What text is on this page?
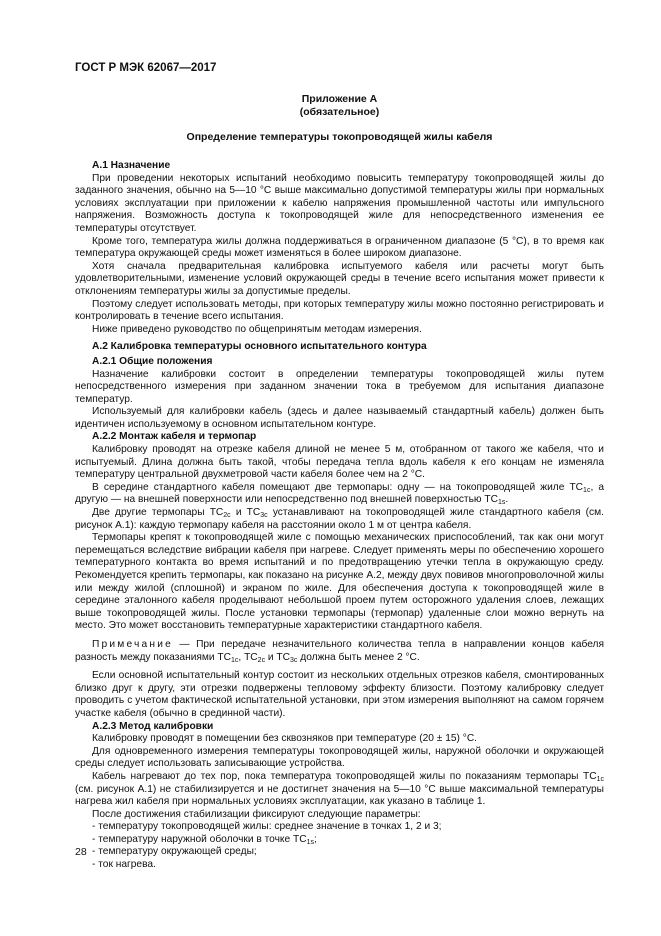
ГОСТ Р МЭК 62067—2017
Приложение А
(обязательное)
Определение температуры токопроводящей жилы кабеля

А.1 Назначение

При проведении некоторых испытаний необходимо повысить температуру токопроводящей жилы до заданного значения, обычно на 5—10 °С выше максимально допустимой температуры жилы при нормальных условиях эксплуатации при приложении к кабелю напряжения промышленной частоты или импульсного напряжения. Возможность доступа к токопроводящей жиле для непосредственного изменения ее температуры отсутствует.

Кроме того, температура жилы должна поддерживаться в ограниченном диапазоне (5 °С), в то время как температура окружающей среды может изменяться в более широком диапазоне.

Хотя сначала предварительная калибровка испытуемого кабеля или расчеты могут быть удовлетворительными, изменение условий окружающей среды в течение всего испытания может привести к отклонениям температуры жилы за допустимые пределы.

Поэтому следует использовать методы, при которых температуру жилы можно постоянно регистрировать и контролировать в течение всего испытания.

Ниже приведено руководство по общепринятым методам измерения.

А.2 Калибровка температуры основного испытательного контура

А.2.1 Общие положения

Назначение калибровки состоит в определении температуры токопроводящей жилы путем непосредственного измерения при заданном значении тока в требуемом для испытания диапазоне температур.

Используемый для калибровки кабель (здесь и далее называемый стандартный кабель) должен быть идентичен используемому в основном испытательном контуре.

А.2.2 Монтаж кабеля и термопар

Калибровку проводят на отрезке кабеля длиной не менее 5 м, отобранном от такого же кабеля, что и испытуемый. Длина должна быть такой, чтобы передача тепла вдоль кабеля к его концам не изменяла температуру центральной двухметровой части кабеля более чем на 2 °С.

В середине стандартного кабеля помещают две термопары: одну — на токопроводящей жиле $ТС_{1c}$, а другую — на внешней поверхности или непосредственно под внешней поверхностью $ТС_{1s}$.

Две другие термопары $ТС_{2c}$ и $ТС_{3c}$ устанавливают на токопроводящей жиле стандартного кабеля (см. рисунок А.1): каждую термопару кабеля на расстоянии около 1 м от центра кабеля.

Термопары крепят к токопроводящей жиле с помощью механических приспособлений, так как они могут перемещаться вследствие вибрации кабеля при нагреве. Следует применять меры по обеспечению хорошего температурного контакта во время испытаний и по предотвращению утечки тепла в окружающую среду. Рекомендуется крепить термопары, как показано на рисунке А.2, между двух повивов многопроволочной жилы или между жилой (сплошной) и экраном по жиле. Для обеспечения доступа к токопроводящей жиле в середине эталонного кабеля проделывают небольшой проем путем осторожного удаления слоев, лежащих выше токопроводящей жилы. После установки термопары (термопар) удаленные слои можно вернуть на место. Это может восстановить температурные характеристики стандартного кабеля.

Примечание — При передаче незначительного количества тепла в направлении концов кабеля разность между показаниями $ТС_{1c}$, $ТС_{2c}$ и $ТС_{3c}$ должна быть менее 2 °С.

Если основной испытательный контур состоит из нескольких отдельных отрезков кабеля, смонтированных близко друг к другу, эти отрезки подвержены тепловому эффекту близости. Поэтому калибровку следует проводить с учетом фактической испытательной установки, при этом измерения выполняют на самом горячем участке кабеля (обычно в срединной части).

А.2.3 Метод калибровки

Калибровку проводят в помещении без сквозняков при температуре (20 ± 15) °С.

Для одновременного измерения температуры токопроводящей жилы, наружной оболочки и окружающей среды следует использовать записывающие устройства.

Кабель нагревают до тех пор, пока температура токопроводящей жилы по показаниям термопары $ТС_{1c}$ (см. рисунок А.1) не стабилизируется и не достигнет значения на 5—10 °С выше максимальной температуры нагрева жил кабеля при нормальных условиях эксплуатации, как указано в таблице 1.

После достижения стабилизации фиксируют следующие параметры:

- температуру токопроводящей жилы: среднее значение в точках 1, 2 и 3;

- температуру наружной оболочки в точке $ТС_{1s}$;

- температуру окружающей среды;

- ток нагрева.

28
